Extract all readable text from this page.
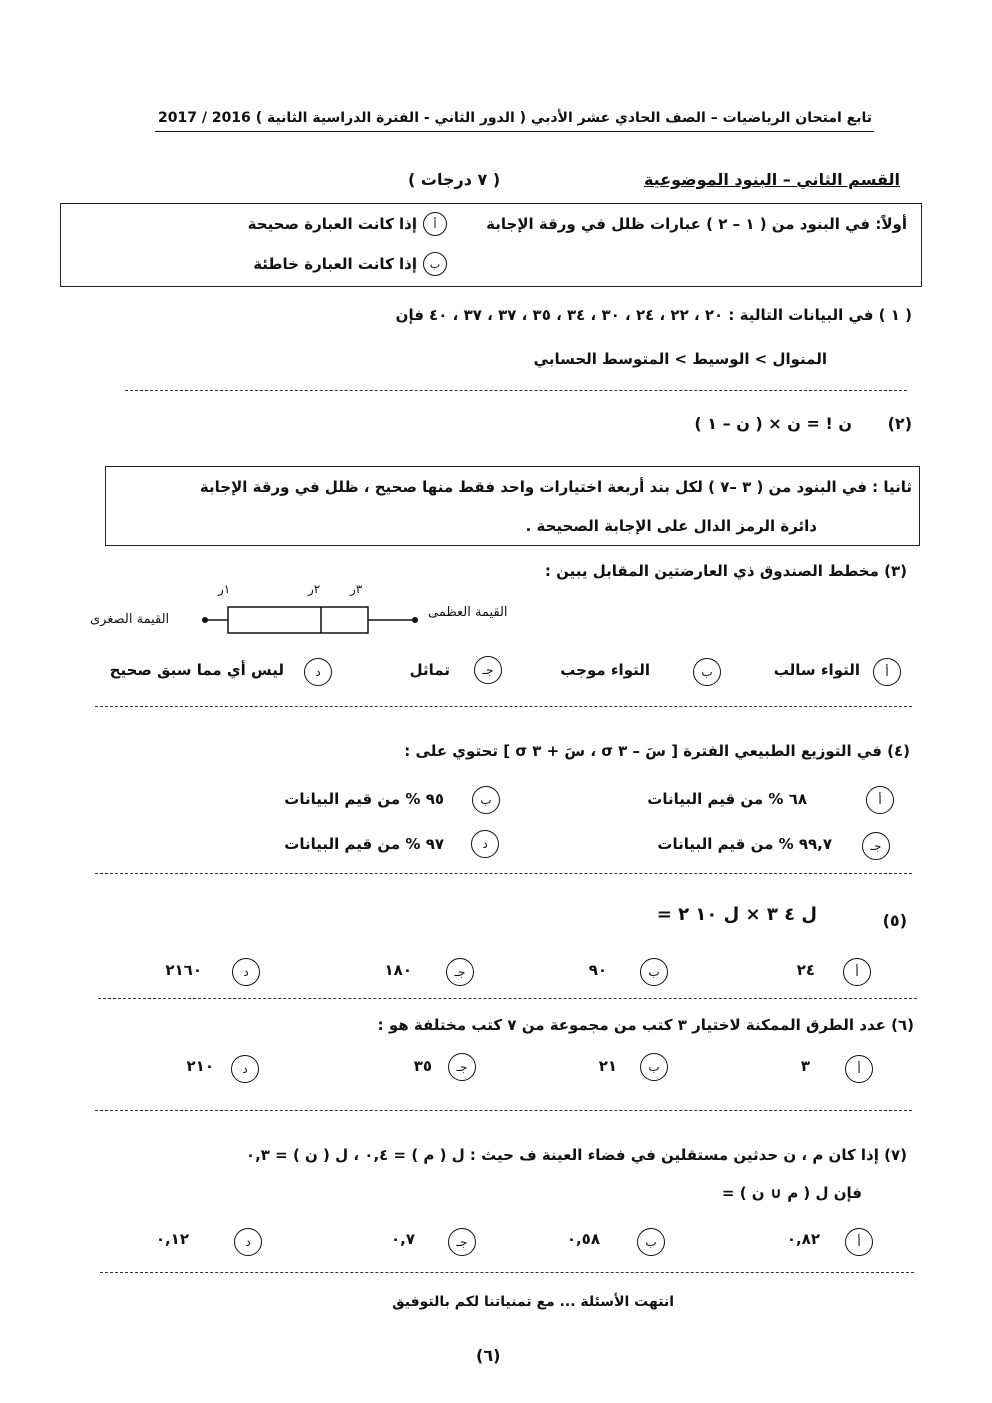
تابع امتحان الرياضيات – الصف الحادي عشر الأدبي ( الدور الثاني - الفترة الدراسية الثانية )
2017 / 2016
القسم الثاني – البنود الموضوعية
( ٧ درجات )
أولاً: في البنود من ( ١ – ٢ ) عبارات ظلل في ورقة الإجابة
أ
إذا كانت العبارة صحيحة
ب
إذا كانت العبارة خاطئة
( ١ ) في البيانات التالية : ٢٠ ، ٢٢ ، ٢٤ ، ٣٠ ، ٣٤ ، ٣٥ ، ٣٧ ، ٣٧ ، ٤٠ فإن
المنوال > الوسيط > المتوسط الحسابي
(٢)
ن ! = ن × ( ن – ١ )
ثانيا : في البنود من ( ٣ –٧ ) لكل بند أربعة اختيارات واحد فقط منها صحيح ، ظلل في ورقة الإجابة
دائرة الرمز الدال على الإجابة الصحيحة .
(٣) مخطط الصندوق ذي العارضتين المقابل يبين :
١ر	٢ر ٣ر
القيمة الصغرى	القيمة العظمى
أ
التواء سالب
ب
التواء موجب
جـ
تماثل
د
ليس أي مما سبق صحيح
(٤) في التوزيع الطبيعي الفترة [ سَ – ٣ σ ، سَ + ٣ σ ] تحتوي على :
أ
٦٨ % من قيم البيانات
ب
٩٥ % من قيم البيانات
جـ
٩٩,٧ % من قيم البيانات
د
٩٧ % من قيم البيانات
(٥)
ل ٤ ٣ × ل ١٠ ٢ =
أ
٢٤
ب
٩٠
جـ
١٨٠
د
٢١٦٠
(٦) عدد الطرق الممكنة لاختيار ٣ كتب من مجموعة من ٧ كتب مختلفة هو :
أ
٣
ب
٢١
جـ
٣٥
د
٢١٠
(٧) إذا كان م ، ن حدثين مستقلين في فضاء العينة ف حيث : ل ( م ) = ٠,٤ ، ل ( ن ) = ٠,٣
فإن ل ( م ∪ ن ) =
أ
٠,٨٢
ب
٠,٥٨
جـ
٠,٧
د
٠,١٢
انتهت الأسئلة ... مع تمنياتنا لكم بالتوفيق
(٦)
